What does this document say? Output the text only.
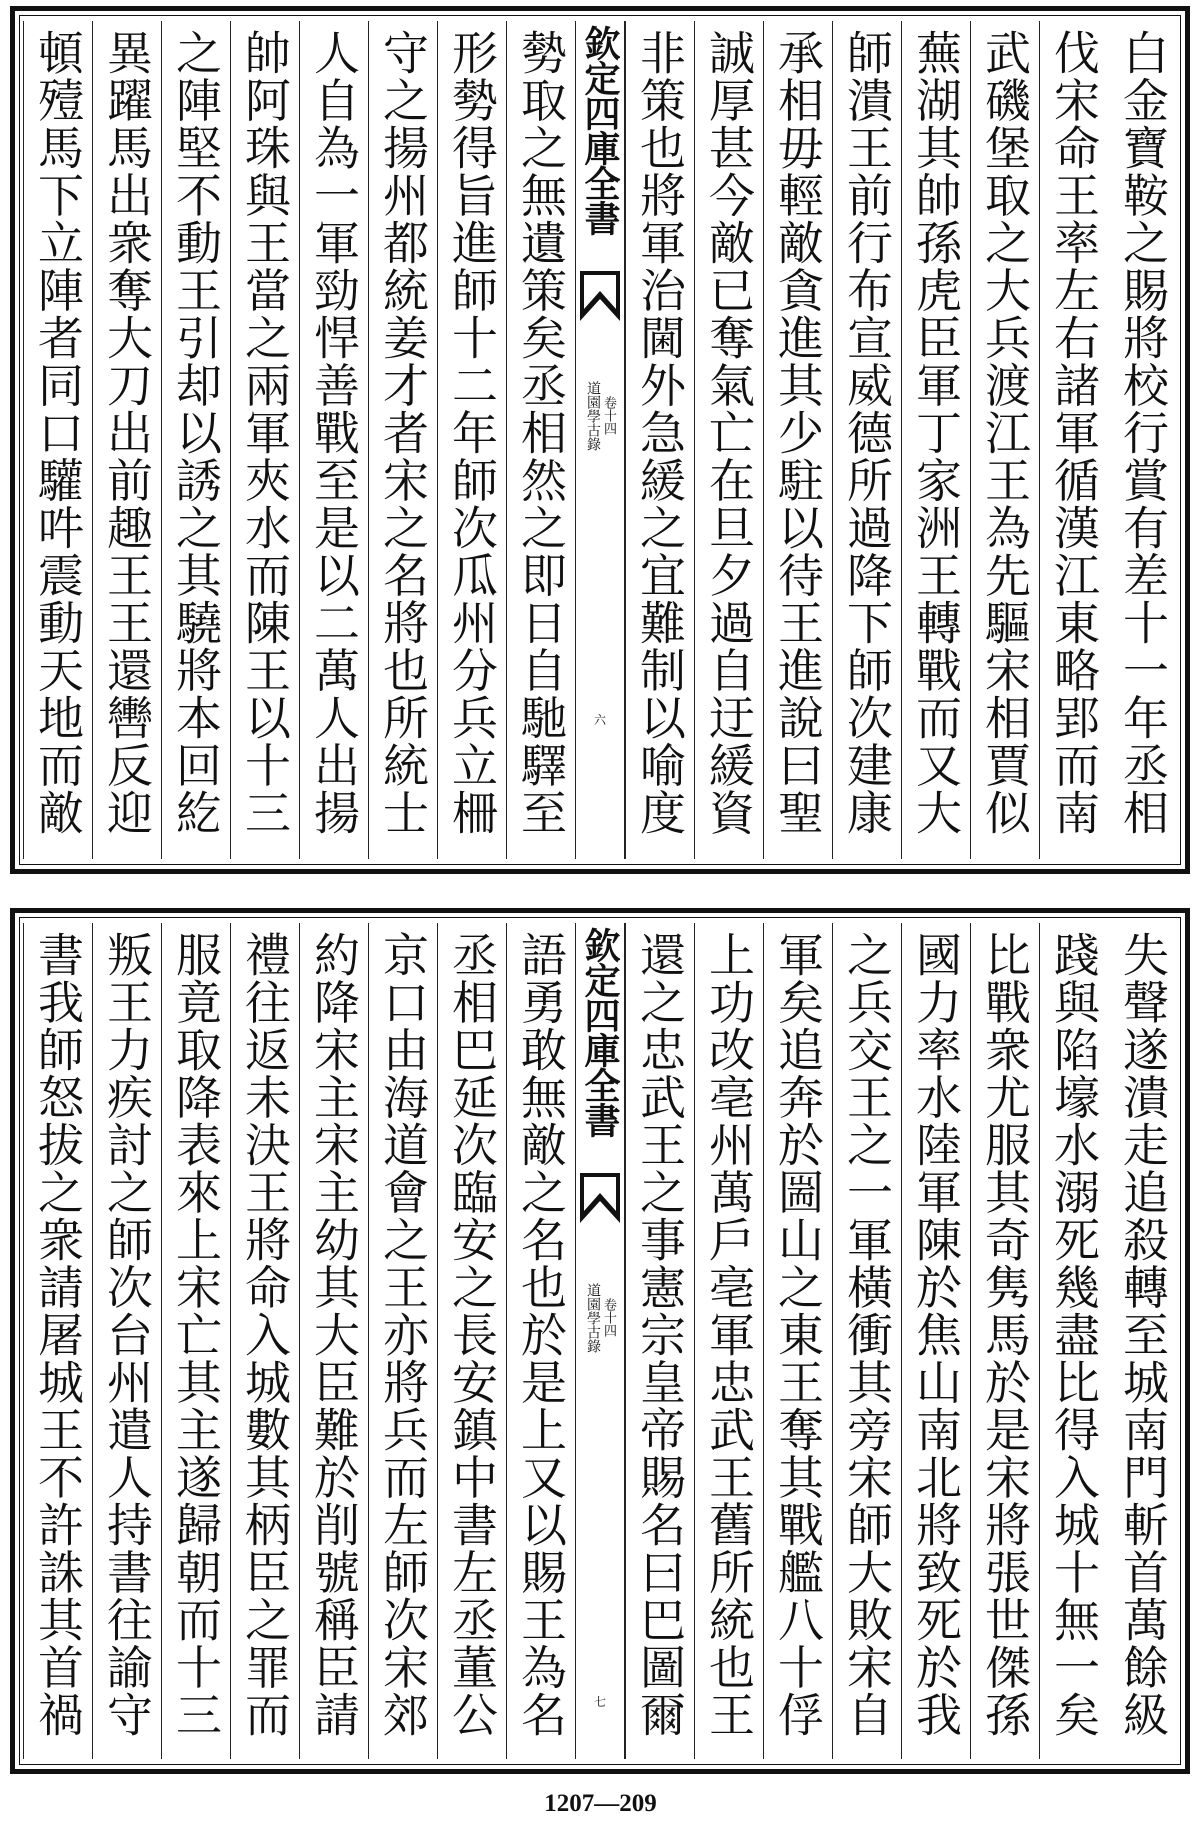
白金寶鞍之賜將校行賞有差十一年丞相
伐宋命王率左右諸軍循漢江東略郢而南
武磯堡取之大兵渡江王為先驅宋相賈似
蕪湖其帥孫虎臣軍丁家洲王轉戰而又大
師潰王前行布宣威德所過降下師次建康
承相毋輕敵貪進其少駐以待王進說曰聖
誠厚甚今敵已奪氣亡在旦夕過自迂緩資
非策也將軍治閫外急緩之宜難制以喻度
欽定四庫全書
道園學古錄 卷十四
六
勢取之無遺策矣丞相然之即日自馳驛至
形勢得旨進師十二年師次瓜州分兵立柵
守之揚州都統姜才者宋之名將也所統士
人自為一軍勁悍善戰至是以二萬人出揚
帥阿珠與王當之兩軍夾水而陳王以十三
之陣堅不動王引却以誘之其驍將本回紇
異躍馬出衆奪大刀出前趣王王還轡反迎
頓殪馬下立陣者同口驩吽震動天地而敵
失聲遂潰走追殺轉至城南門斬首萬餘級
踐與陷壕水溺死幾盡比得入城十無一矣
比戰衆尤服其奇隽馬於是宋將張世傑孫
國力率水陸軍陳於焦山南北將致死於我
之兵交王之一軍橫衝其旁宋師大敗宋自
軍矣追奔於圌山之東王奪其戰艦八十俘
上功改亳州萬戶亳軍忠武王舊所統也王
還之忠武王之事憲宗皇帝賜名曰巴圖爾
欽定四庫全書
道園學古錄 卷十四
七
語勇敢無敵之名也於是上又以賜王為名
丞相巴延次臨安之長安鎮中書左丞董公
京口由海道會之王亦將兵而左師次宋郊
約降宋主宋主幼其大臣難於削號稱臣請
禮往返未決王將命入城數其柄臣之罪而
服竟取降表來上宋亡其主遂歸朝而十三
叛王力疾討之師次台州遣人持書往諭守
書我師怒拔之衆請屠城王不許誅其首禍
1207—209
